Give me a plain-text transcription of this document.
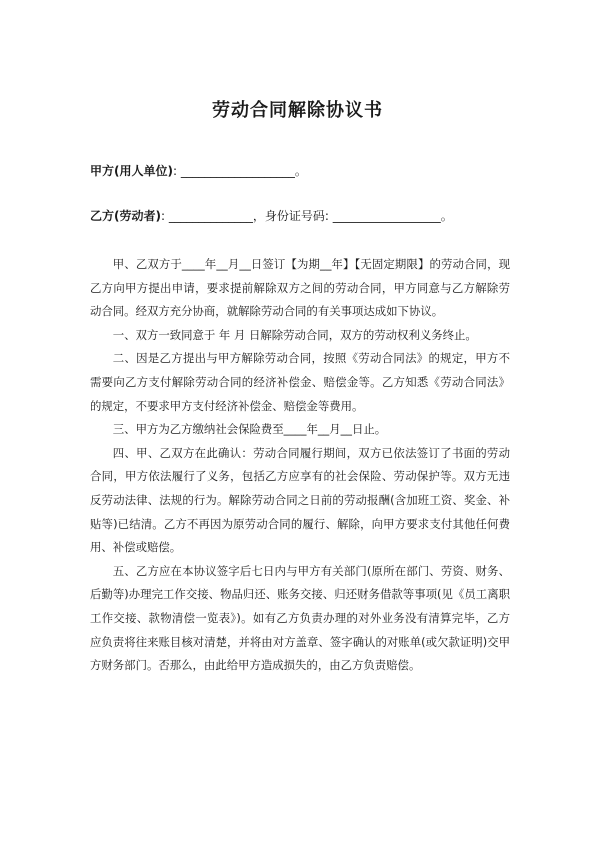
劳动合同解除协议书
甲方(用人单位): ___________________。
乙方(劳动者): ______________，身份证号码: __________________。

甲、乙双方于____年__月__日签订【为期__年】【无固定期限】的劳动合同，现乙方向甲方提出申请，要求提前解除双方之间的劳动合同，甲方同意与乙方解除劳动合同。经双方充分协商，就解除劳动合同的有关事项达成如下协议。

一、双方一致同意于 年 月 日解除劳动合同，双方的劳动权利义务终止。

二、因是乙方提出与甲方解除劳动合同，按照《劳动合同法》的规定，甲方不需要向乙方支付解除劳动合同的经济补偿金、赔偿金等。乙方知悉《劳动合同法》的规定，不要求甲方支付经济补偿金、赔偿金等费用。

三、甲方为乙方缴纳社会保险费至____年__月__日止。

四、甲、乙双方在此确认：劳动合同履行期间，双方已依法签订了书面的劳动合同，甲方依法履行了义务，包括乙方应享有的社会保险、劳动保护等。双方无违反劳动法律、法规的行为。解除劳动合同之日前的劳动报酬(含加班工资、奖金、补贴等)已结清。乙方不再因为原劳动合同的履行、解除，向甲方要求支付其他任何费用、补偿或赔偿。

五、乙方应在本协议签字后七日内与甲方有关部门(原所在部门、劳资、财务、后勤等)办理完工作交接、物品归还、账务交接、归还财务借款等事项(见《员工离职工作交接、款物清偿一览表》)。如有乙方负责办理的对外业务没有清算完毕，乙方应负责将往来账目核对清楚，并将由对方盖章、签字确认的对账单(或欠款证明)交甲方财务部门。否那么，由此给甲方造成损失的，由乙方负责赔偿。
